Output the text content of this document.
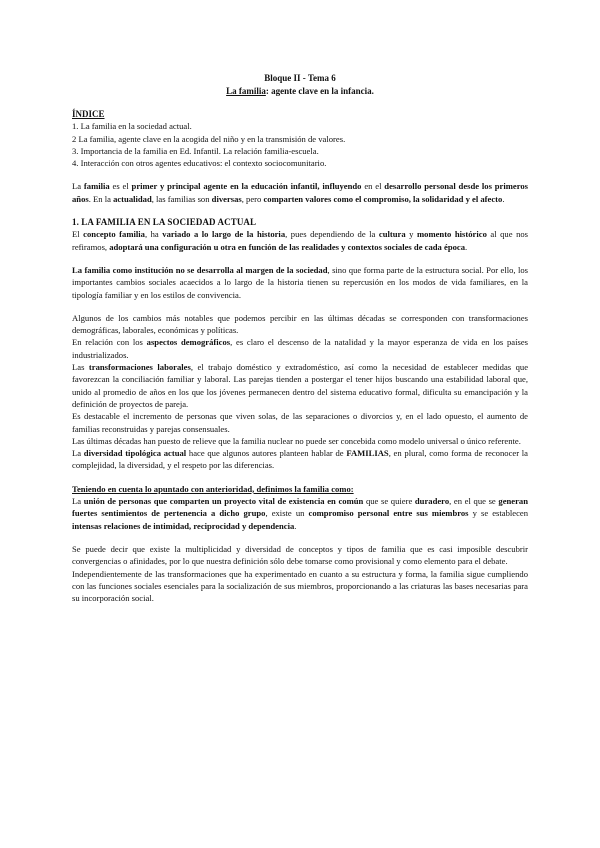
Bloque II - Tema 6

La familia: agente clave en la infancia.

ÍNDICE

1. La familia en la sociedad actual.

2 La familia, agente clave en la acogida del niño y en la transmisión de valores.

3. Importancia de la familia en Ed. Infantil. La relación familia-escuela.

4. Interacción con otros agentes educativos: el contexto sociocomunitario.

La familia es el primer y principal agente en la educación infantil, influyendo en el desarrollo personal desde los primeros años. En la actualidad, las familias son diversas, pero comparten valores como el compromiso, la solidaridad y el afecto.

1. LA FAMILIA EN LA SOCIEDAD ACTUAL

El concepto familia, ha variado a lo largo de la historia, pues dependiendo de la cultura y momento histórico al que nos refiramos, adoptará una configuración u otra en función de las realidades y contextos sociales de cada época.

La familia como institución no se desarrolla al margen de la sociedad, sino que forma parte de la estructura social. Por ello, los importantes cambios sociales acaecidos a lo largo de la historia tienen su repercusión en los modos de vida familiares, en la tipología familiar y en los estilos de convivencia.

Algunos de los cambios más notables que podemos percibir en las últimas décadas se corresponden con transformaciones demográficas, laborales, económicas y políticas.

En relación con los aspectos demográficos, es claro el descenso de la natalidad y la mayor esperanza de vida en los países industrializados.

Las transformaciones laborales, el trabajo doméstico y extradoméstico, así como la necesidad de establecer medidas que favorezcan la conciliación familiar y laboral. Las parejas tienden a postergar el tener hijos buscando una estabilidad laboral que, unido al promedio de años en los que los jóvenes permanecen dentro del sistema educativo formal, dificulta su emancipación y la definición de proyectos de pareja.

Es destacable el incremento de personas que viven solas, de las separaciones o divorcios y, en el lado opuesto, el aumento de familias reconstruidas y parejas consensuales.

Las últimas décadas han puesto de relieve que la familia nuclear no puede ser concebida como modelo universal o único referente.

La diversidad tipológica actual hace que algunos autores planteen hablar de FAMILIAS, en plural, como forma de reconocer la complejidad, la diversidad, y el respeto por las diferencias.

Teniendo en cuenta lo apuntado con anterioridad, definimos la familia como:

La unión de personas que comparten un proyecto vital de existencia en común que se quiere duradero, en el que se generan fuertes sentimientos de pertenencia a dicho grupo, existe un compromiso personal entre sus miembros y se establecen intensas relaciones de intimidad, reciprocidad y dependencia.

Se puede decir que existe la multiplicidad y diversidad de conceptos y tipos de familia que es casi imposible descubrir convergencias o afinidades, por lo que nuestra definición sólo debe tomarse como provisional y como elemento para el debate.

Independientemente de las transformaciones que ha experimentado en cuanto a su estructura y forma, la familia sigue cumpliendo con las funciones sociales esenciales para la socialización de sus miembros, proporcionando a las criaturas las bases necesarias para su incorporación social.
